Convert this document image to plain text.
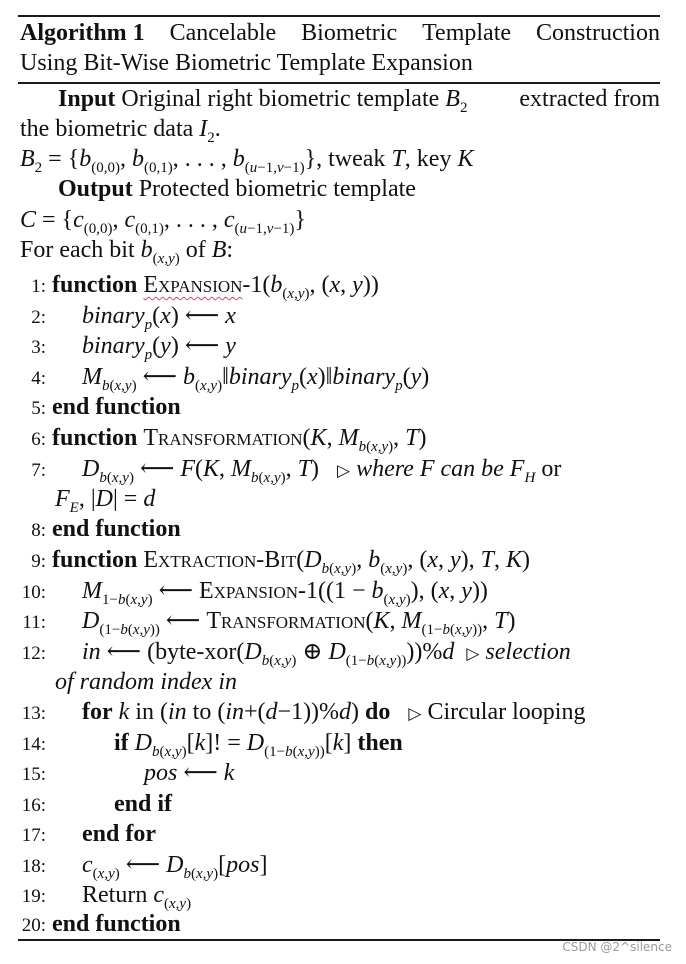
Algorithm 1 Cancelable Biometric Template Construction
Using Bit-Wise Biometric Template Expansion
Input Original right biometric template $B_2$ extracted from
the biometric data $I_2$.
$B_2 = \{b_{(0,0)}$, $b_{(0,1)}$, . . . , $b_{(u-1,v-1)}$}, tweak T, key K
Output Protected biometric template
$C = \{c_{(0,0)}$, $c_{(0,1)}$, . . . , $c_{(u-1,v-1)}$}
For each bit $b_{(x,y)}$ of B:
1: function Expansion-$1(b_{(x,y)}$, (x, y))
2: binary$_p$(x) ⟵ x
3: binary$_p$(y) ⟵ y
4: $M_{b(x,y)}$ ⟵ $b_{(x,y)}‖binary_p(x)‖binary_p(y)$
5: end function
6: function Transformation(K, $M_{b(x,y)}$, T)
7: $D_{b(x,y)}$ ⟵ F(K, $M_{b(x,y)}$, T)   ▷ where F can be $F_H$ or
$F_E$, |D| = d
8: end function
9: function Extraction-$Bit(D_{b(x,y)}$, $b_{(x,y)}$, (x, y), T, K)
10: $M_{1-b(x,y)}$ ⟵ Expansion-1((1 − $b_{(x,y)}$), (x, y))
11: $D_{(1-b(x,y))}$ ⟵ Transformation(K, $M_{(1-b(x,y))}$, T)
12: in ⟵ ($byte-xor(D_{b(x,y)}$ ⊕ $D_{(1-b(x,y))}))\%d$ ▷ selection
of random index in
13: for k in (in to (in+(d−1))%d) do ▷ Circular looping
14:	if $D_{b(x,y)}[k]$! = $D_{(1-b(x,y))}[k]$ then
15:	pos ⟵ k
16:	end if
17: end for
18: $c_{(x,y)}$ ⟵ $D_{b(x,y)}[pos]$
19: Return $c_{(x,y)}$
20: end function
CSDN @2^silence
